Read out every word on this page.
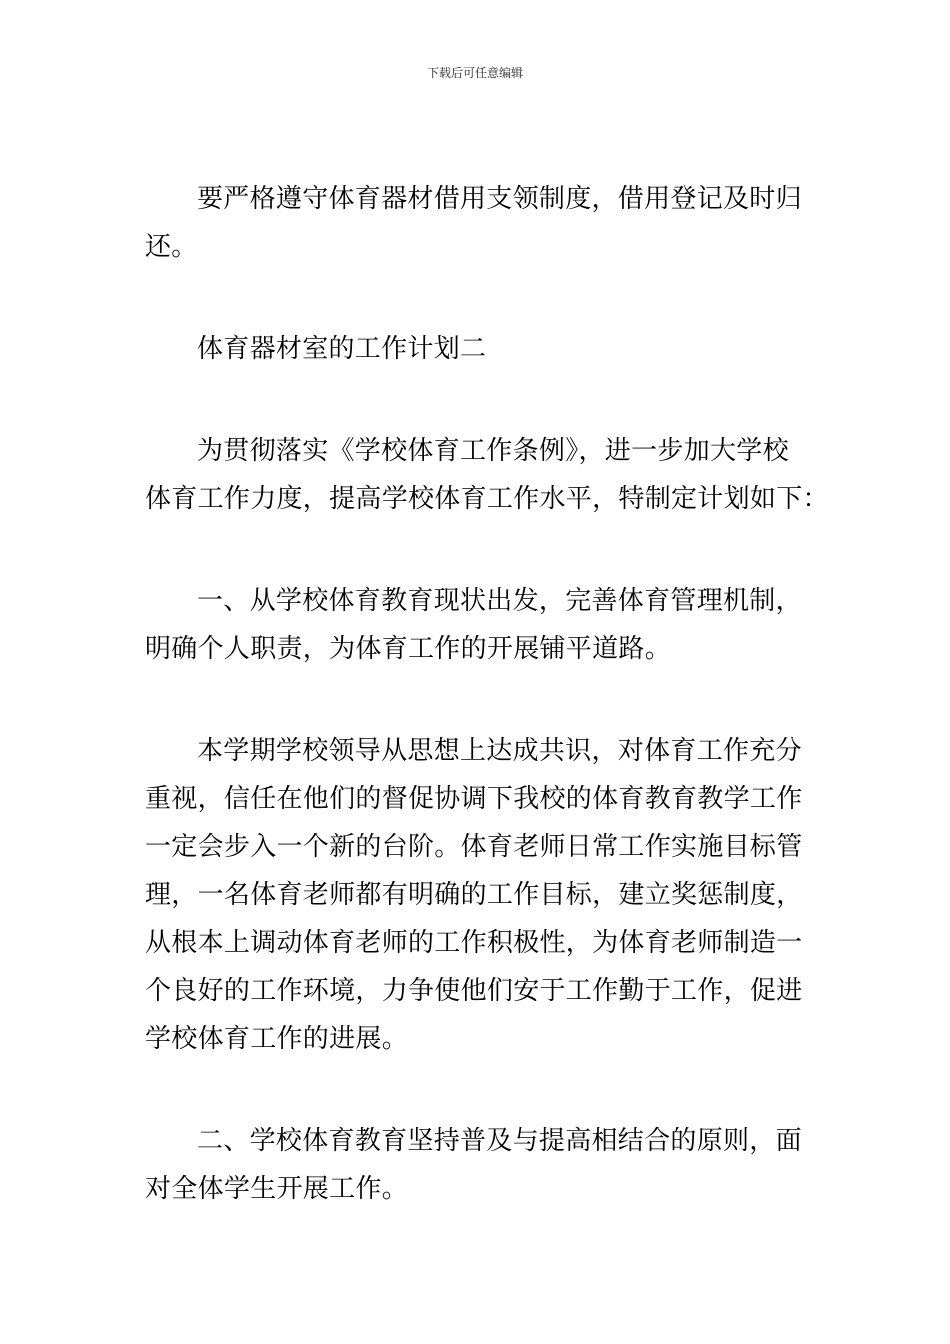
下载后可任意编辑
要严格遵守体育器材借用支领制度，借用登记及时归
还。
体育器材室的工作计划二
为贯彻落实《学校体育工作条例》，进一步加大学校
体育工作力度，提高学校体育工作水平，特制定计划如下：
一、从学校体育教育现状出发，完善体育管理机制，
明确个人职责，为体育工作的开展铺平道路。
本学期学校领导从思想上达成共识，对体育工作充分
重视，信任在他们的督促协调下我校的体育教育教学工作
一定会步入一个新的台阶。体育老师日常工作实施目标管
理，一名体育老师都有明确的工作目标，建立奖惩制度，
从根本上调动体育老师的工作积极性，为体育老师制造一
个良好的工作环境，力争使他们安于工作勤于工作，促进
学校体育工作的进展。
二、学校体育教育坚持普及与提高相结合的原则，面
对全体学生开展工作。
